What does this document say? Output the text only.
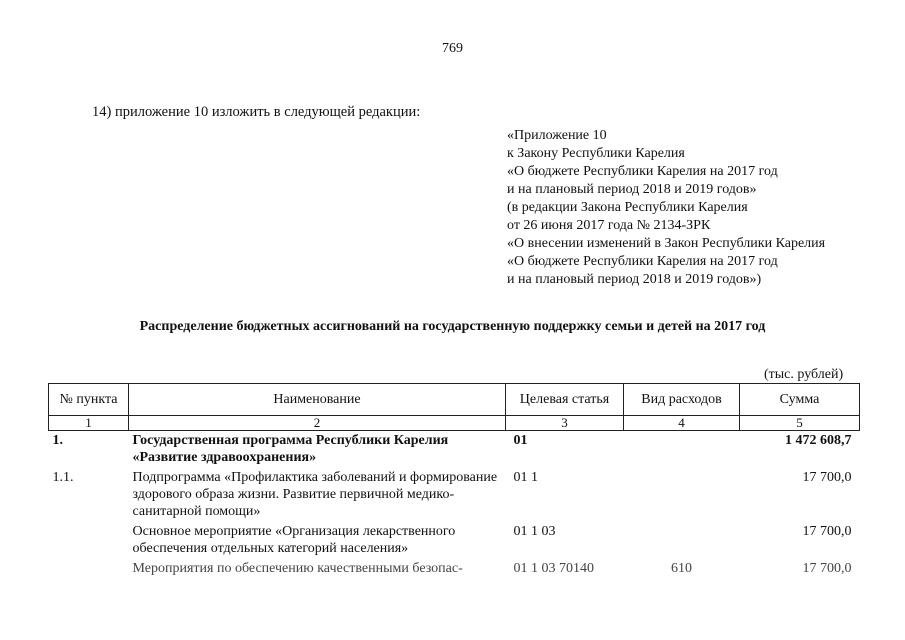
769
14) приложение 10 изложить в следующей редакции:
«Приложение 10
к Закону Республики Карелия
«О бюджете Республики Карелия на 2017 год
и на плановый период 2018 и 2019 годов»
(в редакции Закона Республики Карелия
от 26 июня 2017 года № 2134-ЗРК
«О внесении изменений в Закон Республики Карелия
«О бюджете Республики Карелия на 2017 год
и на плановый период 2018 и 2019 годов»)
Распределение бюджетных ассигнований на государственную поддержку семьи и детей на 2017 год
(тыс. рублей)
№ пункта	Наименование	Целевая статья	Вид расходов	Сумма
1	2	3	4	5
1.	Государственная программа Республики Карелия «Развитие здравоохранения»	01		1 472 608,7
1.1.	Подпрограмма «Профилактика заболеваний и формирование здорового образа жизни. Развитие первичной медико-санитарной помощи»	01 1		17 700,0
	Основное мероприятие «Организация лекарственного обеспечения отдельных категорий населения»	01 1 03		17 700,0
	Мероприятия по обеспечению качественными безопас-	01 1 03 70140	610	17 700,0
